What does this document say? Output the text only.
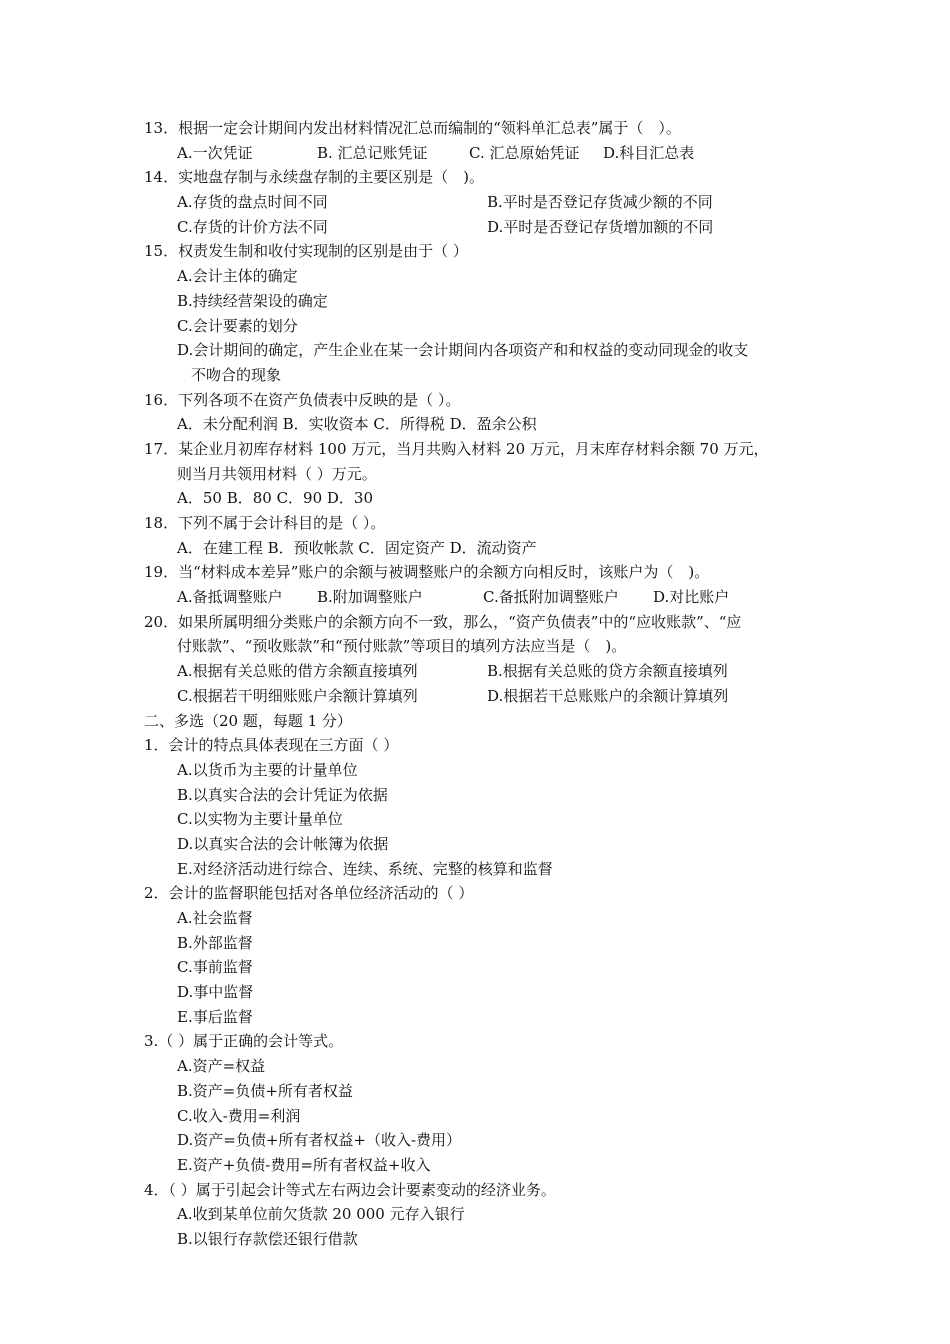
13．根据一定会计期间内发出材料情况汇总而编制的“领料单汇总表”属于（　）。
A.一次凭证	B. 汇总记账凭证	C. 汇总原始凭证	D.科目汇总表
14．实地盘存制与永续盘存制的主要区别是（　)。
A.存货的盘点时间不同	B.平时是否登记存货减少额的不同
C.存货的计价方法不同	D.平时是否登记存货增加额的不同
15．权责发生制和收付实现制的区别是由于（ ）
A.会计主体的确定
B.持续经营架设的确定
C.会计要素的划分
D.会计期间的确定，产生企业在某一会计期间内各项资产和和权益的变动同现金的收支
不吻合的现象
16．下列各项不在资产负债表中反映的是（ ）。
A．未分配利润 B．实收资本 C．所得税 D．盈余公积
17．某企业月初库存材料 100 万元，当月共购入材料 20 万元，月末库存材料余额 70 万元，
则当月共领用材料（ ）万元。
A．50 B．80 C．90 D．30
18．下列不属于会计科目的是（ ）。
A．在建工程 B．预收帐款 C．固定资产 D．流动资产
19．当“材料成本差异”账户的余额与被调整账户的余额方向相反时，该账户为（　)。
A.备抵调整账户	B.附加调整账户	C.备抵附加调整账户	D.对比账户
20．如果所属明细分类账户的余额方向不一致，那么，“资产负债表”中的“应收账款”、“应
付账款”、“预收账款”和“预付账款”等项目的填列方法应当是（　)。
A.根据有关总账的借方余额直接填列	B.根据有关总账的贷方余额直接填列
C.根据若干明细账账户余额计算填列	D.根据若干总账账户的余额计算填列
二、多选（20 题，每题 1 分）
1．会计的特点具体表现在三方面（ ）
A.以货币为主要的计量单位
B.以真实合法的会计凭证为依据
C.以实物为主要计量单位
D.以真实合法的会计帐簿为依据
E.对经济活动进行综合、连续、系统、完整的核算和监督
2．会计的监督职能包括对各单位经济活动的（ ）
A.社会监督
B.外部监督
C.事前监督
D.事中监督
E.事后监督
3.（ ）属于正确的会计等式。
A.资产=权益
B.资产=负债+所有者权益
C.收入-费用=利润
D.资产=负债+所有者权益+（收入-费用）
E.资产+负债-费用=所有者权益+收入
4．（ ）属于引起会计等式左右两边会计要素变动的经济业务。
A.收到某单位前欠货款 20 000 元存入银行
B.以银行存款偿还银行借款
